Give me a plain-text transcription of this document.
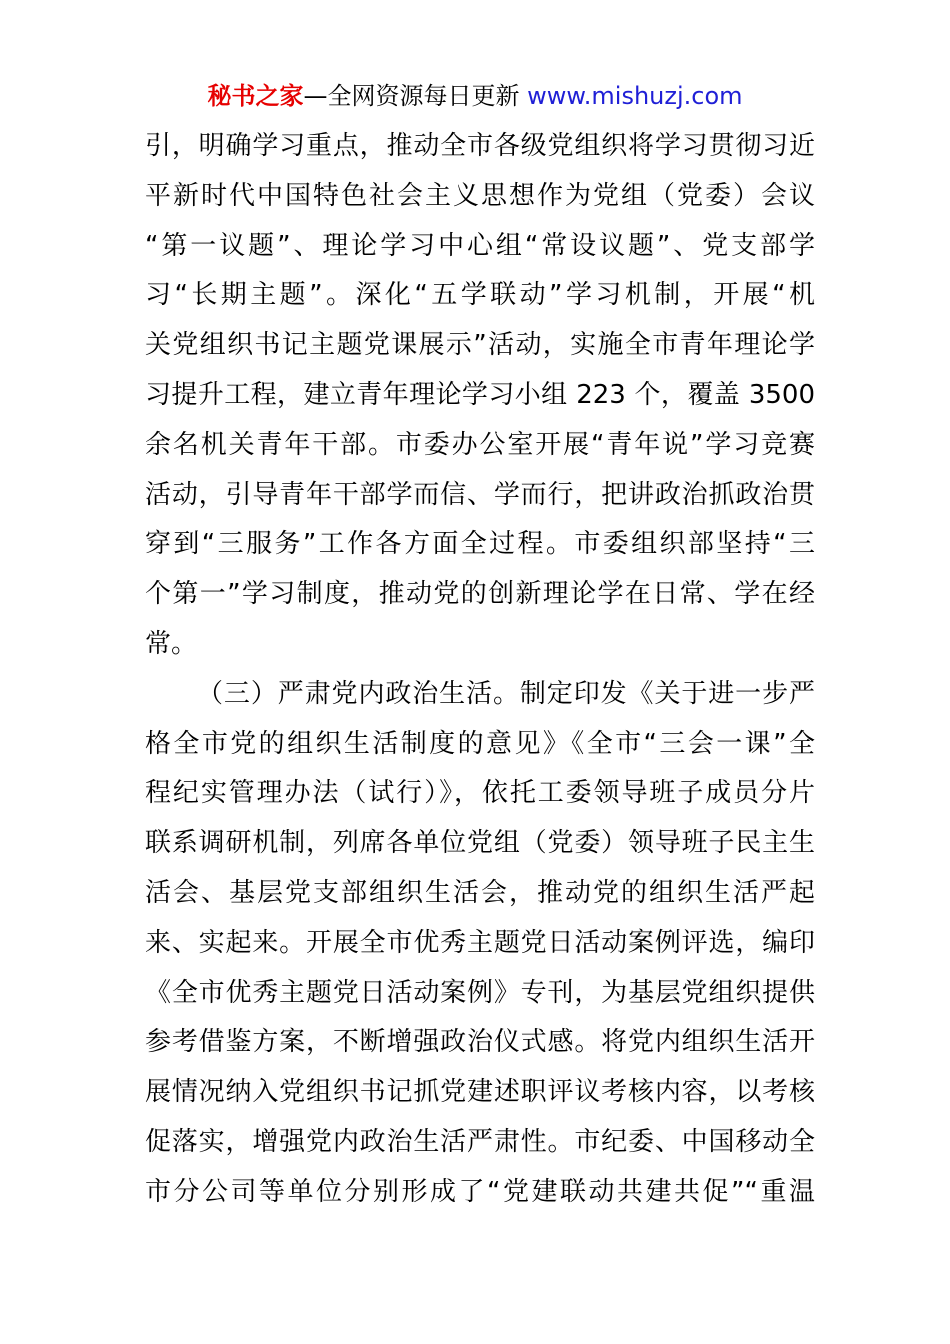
秘书之家—全网资源每日更新 www.mishuzj.com
引，明确学习重点，推动全市各级党组织将学习贯彻习近
平新时代中国特色社会主义思想作为党组（党委）会议
“第一议题”、理论学习中心组“常设议题”、党支部学
习“长期主题”。深化“五学联动”学习机制，开展“机
关党组织书记主题党课展示”活动，实施全市青年理论学
习提升工程，建立青年理论学习小组 223 个，覆盖 3500
余名机关青年干部。市委办公室开展“青年说”学习竞赛
活动，引导青年干部学而信、学而行，把讲政治抓政治贯
穿到“三服务”工作各方面全过程。市委组织部坚持“三
个第一”学习制度，推动党的创新理论学在日常、学在经
常。
（三）严肃党内政治生活。制定印发《关于进一步严
格全市党的组织生活制度的意见》《全市“三会一课”全
程纪实管理办法（试行）》，依托工委领导班子成员分片
联系调研机制，列席各单位党组（党委）领导班子民主生
活会、基层党支部组织生活会，推动党的组织生活严起
来、实起来。开展全市优秀主题党日活动案例评选，编印
《全市优秀主题党日活动案例》专刊，为基层党组织提供
参考借鉴方案，不断增强政治仪式感。将党内组织生活开
展情况纳入党组织书记抓党建述职评议考核内容，以考核
促落实，增强党内政治生活严肃性。市纪委、中国移动全
市分公司等单位分别形成了“党建联动共建共促”“重温
